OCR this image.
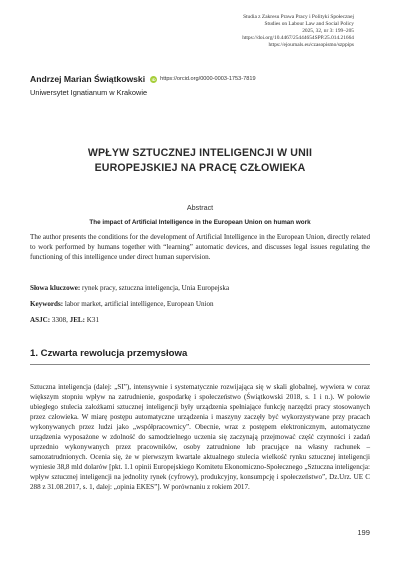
Studia z Zakresu Prawa Pracy i Polityki Społecznej
Studies on Labour Law and Social Policy
2025, 32, nr 3: 199–205
https://doi.org/10.4467/25444654SPP.25.014.21664
https://ejournals.eu/czasopismo/szppips
Andrzej Marian Świątkowski
iD	https://orcid.org/0000-0003-1753-7819
Uniwersytet Ignatianum w Krakowie
WPŁYW SZTUCZNEJ INTELIGENCJI W UNII
EUROPEJSKIEJ NA PRACĘ CZŁOWIEKA
Abstract
The impact of Artificial Intelligence in the European Union on human work
The author presents the conditions for the development of Artificial Intelligence in the European Union, directly related to work performed by humans together with “learning” automatic devices, and discusses legal issues regulating the functioning of this intelligence under direct human supervision.
Słowa kluczowe: rynek pracy, sztuczna inteligencja, Unia Europejska
Keywords: labor market, artificial intelligence, European Union
ASJC: 3308, JEL: K31
1. Czwarta rewolucja przemysłowa
Sztuczna inteligencja (dalej: „SI”), intensywnie i systematycznie rozwijająca się w skali globalnej, wywiera w coraz większym stopniu wpływ na zatrudnienie, gospodarkę i społeczeństwo (Świątkowski 2018, s. 1 i n.). W połowie ubiegłego stulecia założkami sztucznej inteligencji były urządzenia spełniające funkcję narzędzi pracy stosowanych przez człowieka. W miarę postępu automatyczne urządzenia i maszyny zaczęły być wykorzystywane przy pracach wykonywanych przez ludzi jako „współpracownicy”. Obecnie, wraz z postępem elektronicznym, automatyczne urządzenia wyposażone w zdolność do samodzielnego uczenia się zaczynają przejmować część czynności i zadań uprzednio wykonywanych przez pracowników, osoby zatrudnione lub pracujące na własny rachunek – samozatrudnionych. Ocenia się, że w pierwszym kwartale aktualnego stulecia wielkość rynku sztucznej inteligencji wyniesie 38,8 mld dolarów [pkt. 1.1 opinii Europejskiego Komitetu Ekonomiczno-Społecznego „Sztuczna inteligencja: wpływ sztucznej inteligencji na jednolity rynek (cyfrowy), produkcyjny, konsumpcję i społeczeństwo”, Dz.Urz. UE C 288 z 31.08.2017, s. 1, dalej: „opinia EKES”]. W porównaniu z rokiem 2017.
199
